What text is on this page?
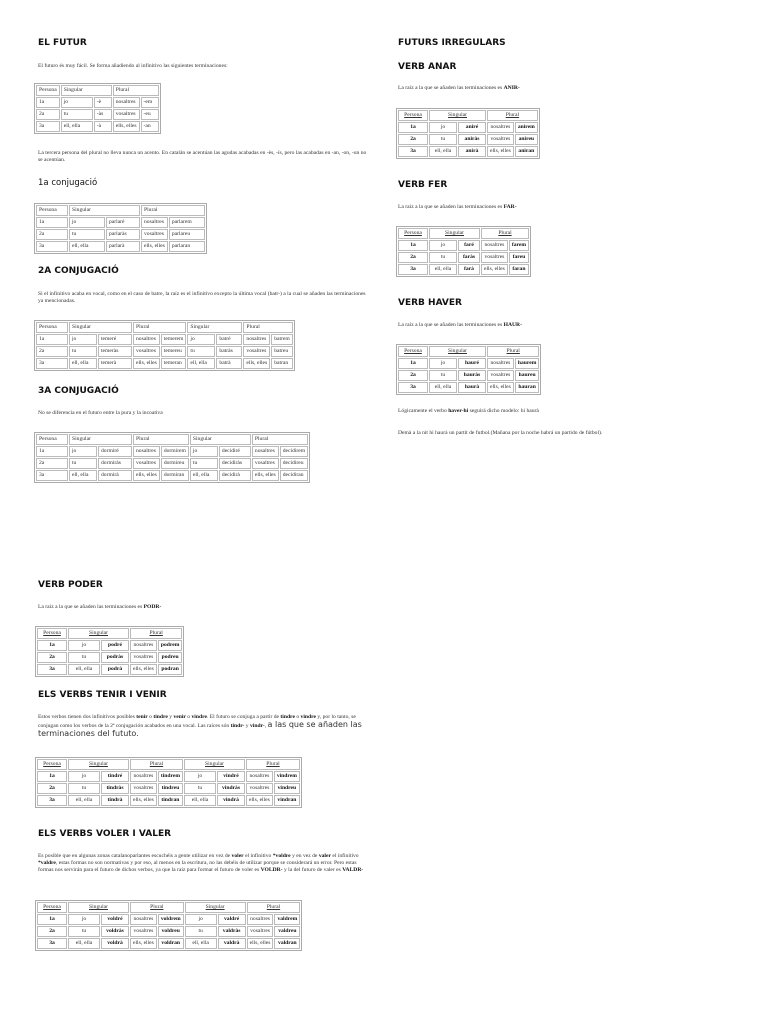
EL FUTUR

El futuro és muy fácil. Se forma añadiendo al infinitivo las siguientes terminaciones:

Persona	Singular		Plural	
1a	jo	-è	nosaltres	-em
2a	tu	-às	vosaltres	-eu
3a	ell, ella	-à	ells, elles	-an

La tercera persona del plural no lleva nunca un acento. En catalán se acentúan las agudas acabadas en -ès, -ís, pero las acabadas en -an, -on, -un no se acentúan.

1a conjugació
Persona	Singular		Plural	
1a	jo	parlaré	nosaltres	parlarem
2a	tu	parlaràs	vosaltres	parlareu
3a	ell, ella	parlarà	ells, elles	parlaran
2A CONJUGACIÓ

Si el infinitivo acaba en vocal, como en el caso de batre, la raíz es el infinitivo excepto la última vocal (batr-) a la cual se añaden las terminaciones ya mencionadas.

Persona	Singular		Plural		Singular		Plural	
1a	jo	temeré	nosaltres	temerem	jo	batré	nosaltres	batrem
2a	tu	temeràs	vosaltres	temereu	tu	batràs	vosaltres	batreu
3a	ell, ella	temerà	ells, elles	temeran	ell, ella	batrà	ells, elles	batran
3A CONJUGACIÓ

No se diferencia en el futuro entre la pura y la incoativa

Persona	Singular		Plural		Singular		Plural	
1a	jo	dormiré	nosaltres	dormirem	jo	decidiré	nosaltres	decidirem
2a	tu	dormiràs	vosaltres	dormireu	tu	decidiràs	vosaltres	decidireu
3a	ell, ella	dormirà	ells, elles	dormiran	ell, ella	decidirà	ells, elles	decidiran
FUTURS IRREGULARS
VERB ANAR

La raíz a la que se añaden las terminaciones es ANIR-

Persona	Singular		Plural	
1a	jo	aniré	nosaltres	anirem
2a	tu	aniràs	vosaltres	anireu
3a	ell, ella	anirà	ells, elles	aniran
VERB FER

La raíz a la que se añaden las terminaciones es FAR-

Persona	Singular		Plural	
1a	jo	faré	nosaltres	farem
2a	tu	faràs	vosaltres	fareu
3a	ell, ella	farà	ells, elles	faran
VERB HAVER

La raíz a la que se añaden las terminaciones es HAUR-

Persona	Singular		Plural	
1a	jo	hauré	nosaltres	haurem
2a	tu	hauràs	vosaltres	haureu
3a	ell, ella	haurà	ells, elles	hauran

Lógicamente el verbo haver-hi seguirá dicho modelo: hi haurà

Demà a la nit hi haurà un partit de futbol.(Mañana por la noche habrá un partido de fútbol).

VERB PODER

La raíz a la que se añaden las terminaciones es PODR-

Persona	Singular		Plural	
1a	jo	podré	nosaltres	podrem
2a	tu	podràs	vosaltres	podreu
3a	ell, ella	podrà	ells, elles	podran
ELS VERBS TENIR I VENIR

Estos verbos tienen dos infinitivos posibles tenir o tindre y venir o vindre. El futuro se conjuga a partir de tindre o vindre y, por lo tanto, se conjugan como los verbos de la 2ª conjugación acabados en una vocal. Las raíces són tindr- y vindr-, a las que se añaden las terminaciones del fututo.

Persona	Singular		Plural		Singular		Plural	
1a	jo	tindré	nosaltres	tindrem	jo	vindré	nosaltres	vindrem
2a	tu	tindràs	vosaltres	tindreu	tu	vindràs	vosaltres	vindreu
3a	ell, ella	tindrà	ells, elles	tindran	ell, ella	vindrà	ells, elles	vindran
ELS VERBS VOLER I VALER

Es posible que en algunas zonas catalanoparlantes escuchéis a gente utilizar en vez de voler el infinitivo *voldre y en vez de valer el infinitivo *valdre, estas formas no son normativas y por eso, al menos en la escritura, no las debéis de utilizar porque se considerará un error. Pero estas formas nos servirán para el futuro de dichos verbos, ya que la raíz para formar el futuro de voler es VOLDR- y la del futuro de valer es VALDR-

Persona	Singular		Plural		Singular		Plural	
1a	jo	voldré	nosaltres	voldrem	jo	valdré	nosaltres	valdrem
2a	tu	voldràs	vosaltres	voldreu	tu	valdràs	vosaltres	valdreu
3a	ell, ella	voldrà	ells, elles	voldran	ell, ella	valdrà	ells, elles	valdran
